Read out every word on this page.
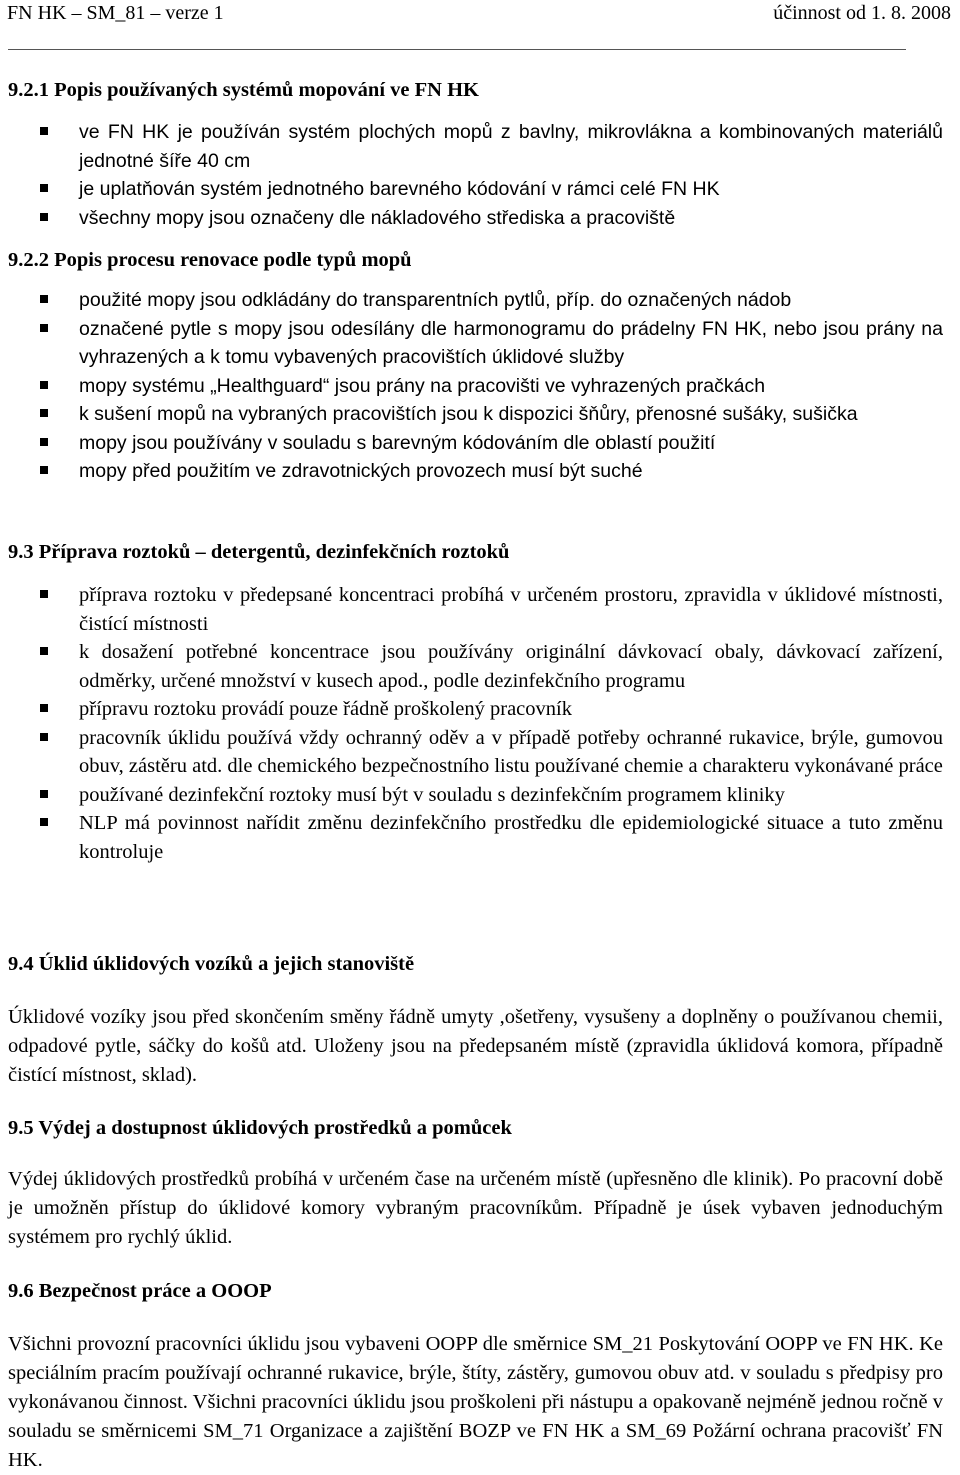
FN HK – SM_81 – verze 1	účinnost od 1. 8. 2008
9.2.1 Popis používaných systémů mopování ve FN HK
ve FN HK je používán systém plochých mopů z bavlny, mikrovlákna a kombinovaných materiálů jednotné šíře 40 cm
je uplatňován systém jednotného barevného kódování v rámci celé FN HK
všechny mopy jsou označeny dle nákladového střediska a pracoviště
9.2.2 Popis procesu renovace podle typů mopů
použité mopy jsou odkládány do transparentních pytlů, příp. do označených nádob
označené pytle s mopy jsou odesílány dle harmonogramu do prádelny FN HK, nebo jsou prány na vyhrazených a k tomu vybavených pracovištích úklidové služby
mopy systému „Healthguard“ jsou prány na pracovišti ve vyhrazených pračkách
k sušení mopů na vybraných pracovištích jsou k dispozici šňůry, přenosné sušáky, sušička
mopy jsou používány v souladu s barevným kódováním dle oblastí použití
mopy před použitím ve zdravotnických provozech musí být suché
9.3 Příprava roztoků – detergentů, dezinfekčních roztoků
příprava roztoku v předepsané koncentraci probíhá v určeném prostoru, zpravidla v úklidové místnosti, čistící místnosti
k dosažení potřebné koncentrace jsou používány originální dávkovací obaly, dávkovací zařízení, odměrky, určené množství v kusech apod., podle dezinfekčního programu
přípravu roztoku provádí pouze řádně proškolený pracovník
pracovník úklidu používá vždy ochranný oděv a v případě potřeby ochranné rukavice, brýle, gumovou obuv, zástěru atd. dle chemického bezpečnostního listu používané chemie a charakteru vykonávané práce
používané dezinfekční roztoky musí být v souladu s dezinfekčním programem kliniky
NLP má povinnost nařídit změnu dezinfekčního prostředku dle epidemiologické situace a tuto změnu kontroluje
9.4 Úklid úklidových vozíků a jejich stanoviště
Úklidové vozíky jsou před skončením směny řádně umyty ,ošetřeny, vysušeny a doplněny o používanou chemii, odpadové pytle, sáčky do košů atd. Uloženy jsou na předepsaném místě (zpravidla úklidová komora, případně čistící místnost, sklad).
9.5 Výdej a dostupnost úklidových prostředků a pomůcek
Výdej úklidových prostředků probíhá v určeném čase na určeném místě (upřesněno dle klinik). Po pracovní době je umožněn přístup do úklidové komory vybraným pracovníkům. Případně je úsek vybaven jednoduchým systémem pro rychlý úklid.
9.6 Bezpečnost práce a OOOP
Všichni provozní pracovníci úklidu jsou vybaveni OOPP dle směrnice SM_21 Poskytování OOPP ve FN HK. Ke speciálním pracím používají ochranné rukavice, brýle, štíty, zástěry, gumovou obuv atd. v souladu s předpisy pro vykonávanou činnost. Všichni pracovníci úklidu jsou proškoleni při nástupu a opakovaně nejméně jednou ročně v souladu se směrnicemi SM_71 Organizace a zajištění BOZP ve FN HK a SM_69 Požární ochrana pracovišť FN HK.
